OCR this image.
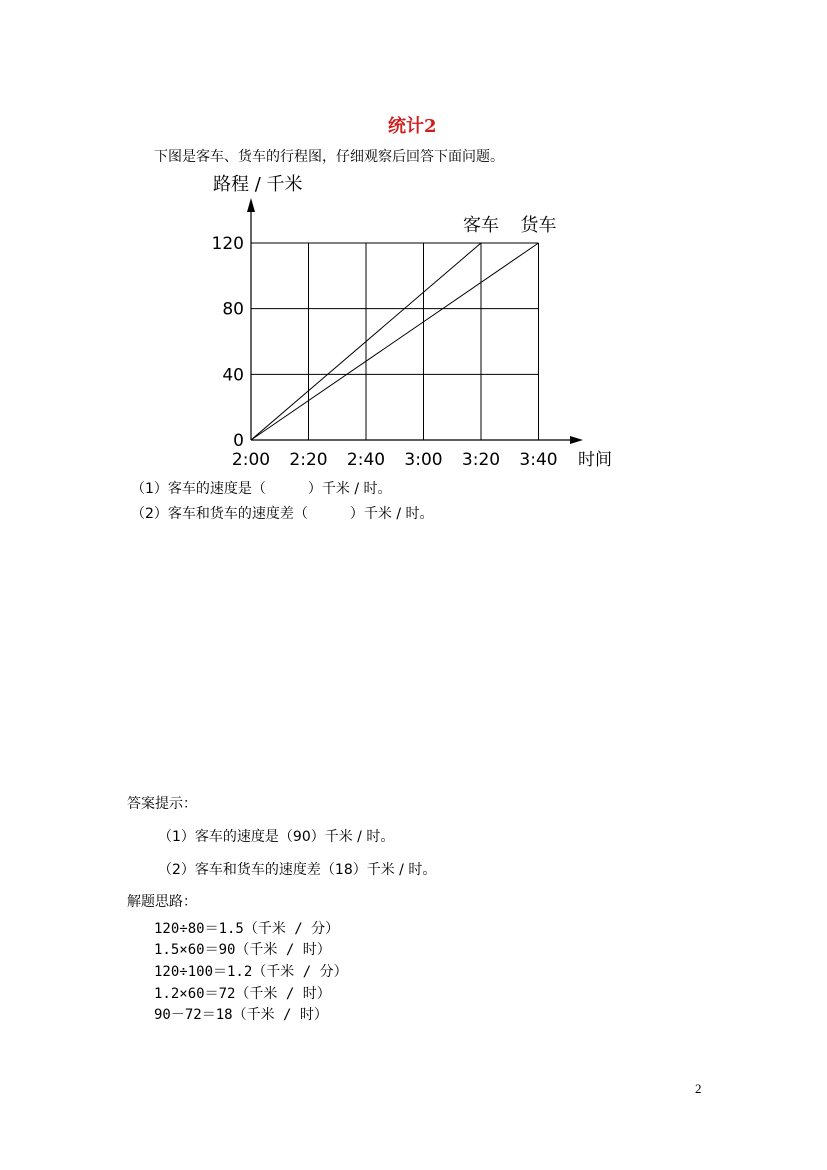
统计2
下图是客车、货车的行程图，仔细观察后回答下面问题。
0
40
80
120
2:00 2:20 2:40 3:00 3:20 3:40
路程 / 千米
时间
客车 货车
（1）客车的速度是（　　　）千米 / 时。
（2）客车和货车的速度差（　　　）千米 / 时。
答案提示：
（1）客车的速度是（90）千米 / 时。
（2）客车和货车的速度差（18）千米 / 时。
解题思路：
120÷80＝1.5（千米 / 分）
1.5×60＝90（千米 / 时）
120÷100＝1.2（千米 / 分）
1.2×60＝72（千米 / 时）
90－72＝18（千米 / 时）
2
